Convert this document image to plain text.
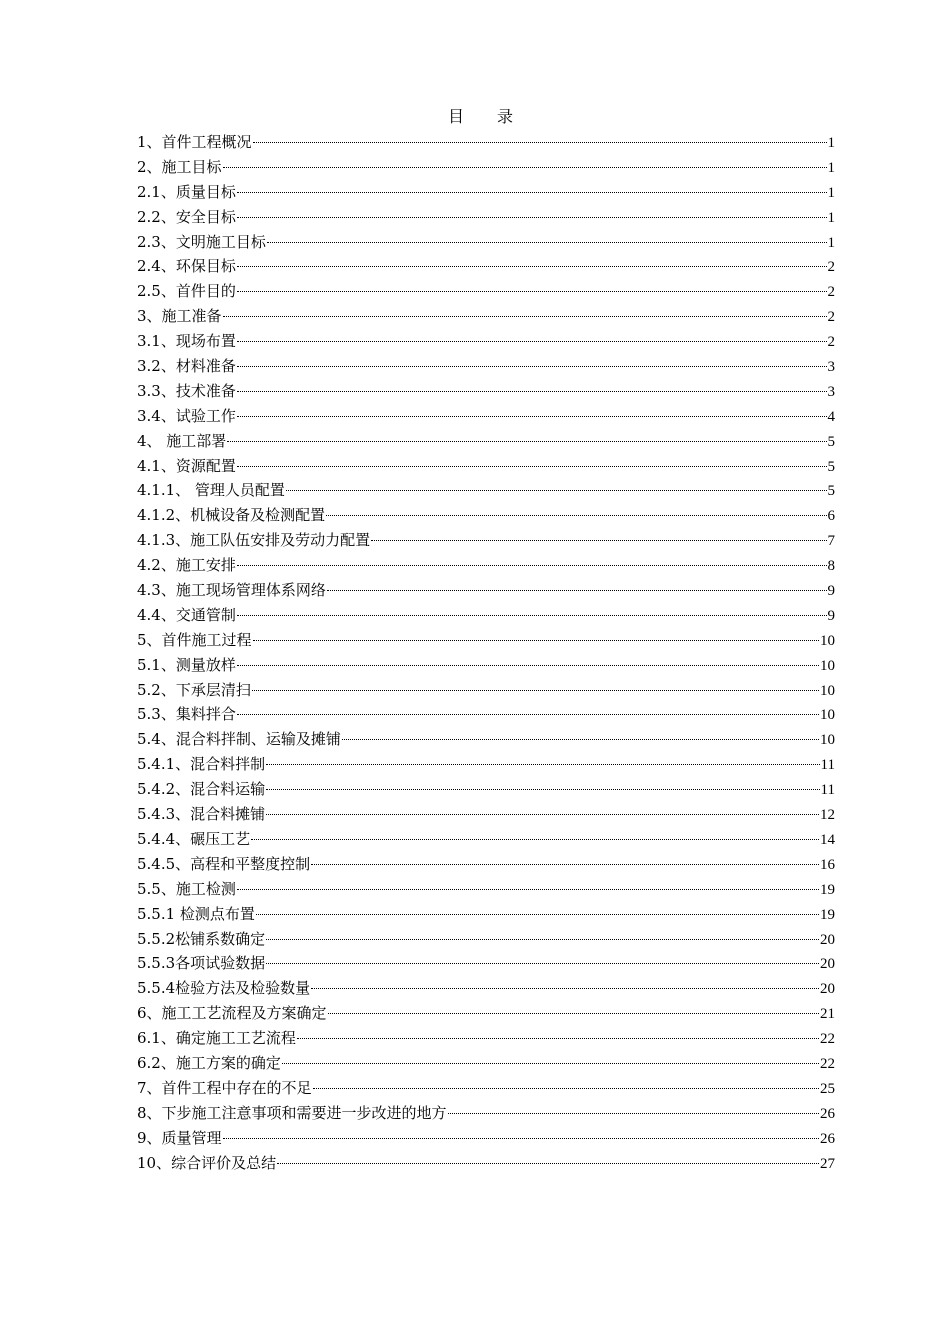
目 录
1、首件工程概况	1
2、施工目标	1
2.1、质量目标	1
2.2、安全目标	1
2.3、文明施工目标	1
2.4、环保目标	2
2.5、首件目的	2
3、施工准备	2
3.1、现场布置	2
3.2、材料准备	3
3.3、技术准备	3
3.4、试验工作	4
4、 施工部署	5
4.1、资源配置	5
4.1.1、 管理人员配置	5
4.1.2、机械设备及检测配置	6
4.1.3、施工队伍安排及劳动力配置	7
4.2、施工安排	8
4.3、施工现场管理体系网络	9
4.4、交通管制	9
5、首件施工过程	10
5.1、测量放样	10
5.2、下承层清扫	10
5.3、集料拌合	10
5.4、混合料拌制、运输及摊铺	10
5.4.1、混合料拌制	11
5.4.2、混合料运输	11
5.4.3、混合料摊铺	12
5.4.4、碾压工艺	14
5.4.5、高程和平整度控制	16
5.5、施工检测	19
5.5.1 检测点布置	19
5.5.2松铺系数确定	20
5.5.3各项试验数据	20
5.5.4检验方法及检验数量	20
6、施工工艺流程及方案确定	21
6.1、确定施工工艺流程	22
6.2、施工方案的确定	22
7、首件工程中存在的不足	25
8、下步施工注意事项和需要进一步改进的地方	26
9、质量管理	26
10、综合评价及总结	27
